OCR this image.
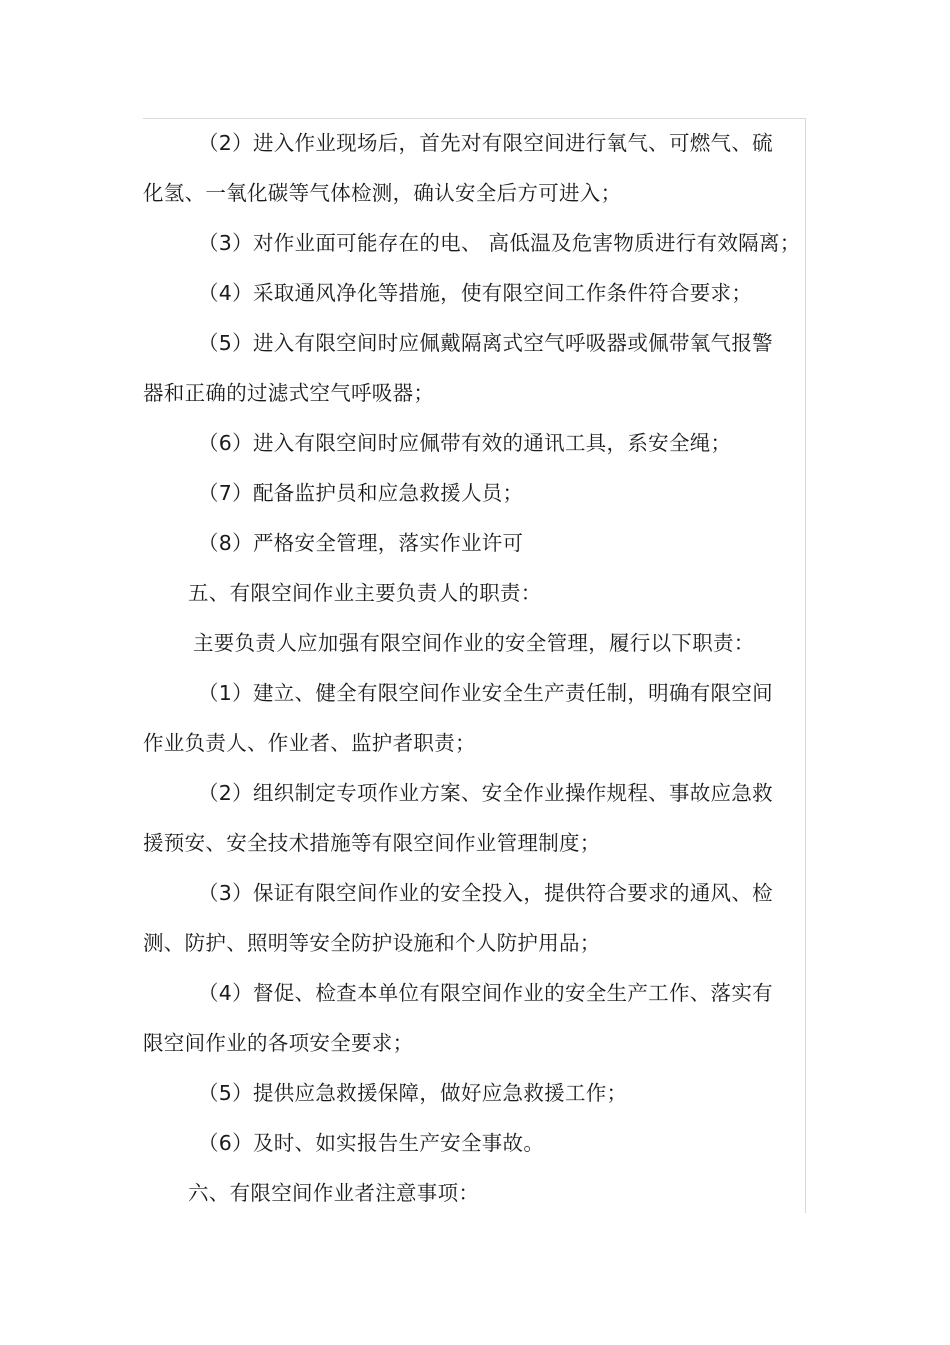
（2）进入作业现场后，首先对有限空间进行氧气、可燃气、硫
化氢、一氧化碳等气体检测，确认安全后方可进入；
（3）对作业面可能存在的电、 高低温及危害物质进行有效隔离；
（4）采取通风净化等措施，使有限空间工作条件符合要求；
（5）进入有限空间时应佩戴隔离式空气呼吸器或佩带氧气报警
器和正确的过滤式空气呼吸器；
（6）进入有限空间时应佩带有效的通讯工具，系安全绳；
（7）配备监护员和应急救援人员；
（8）严格安全管理，落实作业许可
五、有限空间作业主要负责人的职责：
主要负责人应加强有限空间作业的安全管理，履行以下职责：
（1）建立、健全有限空间作业安全生产责任制，明确有限空间
作业负责人、作业者、监护者职责；
（2）组织制定专项作业方案、安全作业操作规程、事故应急救
援预安、安全技术措施等有限空间作业管理制度；
（3）保证有限空间作业的安全投入，提供符合要求的通风、检
测、防护、照明等安全防护设施和个人防护用品；
（4）督促、检查本单位有限空间作业的安全生产工作、落实有
限空间作业的各项安全要求；
（5）提供应急救援保障，做好应急救援工作；
（6）及时、如实报告生产安全事故。
六、有限空间作业者注意事项：
